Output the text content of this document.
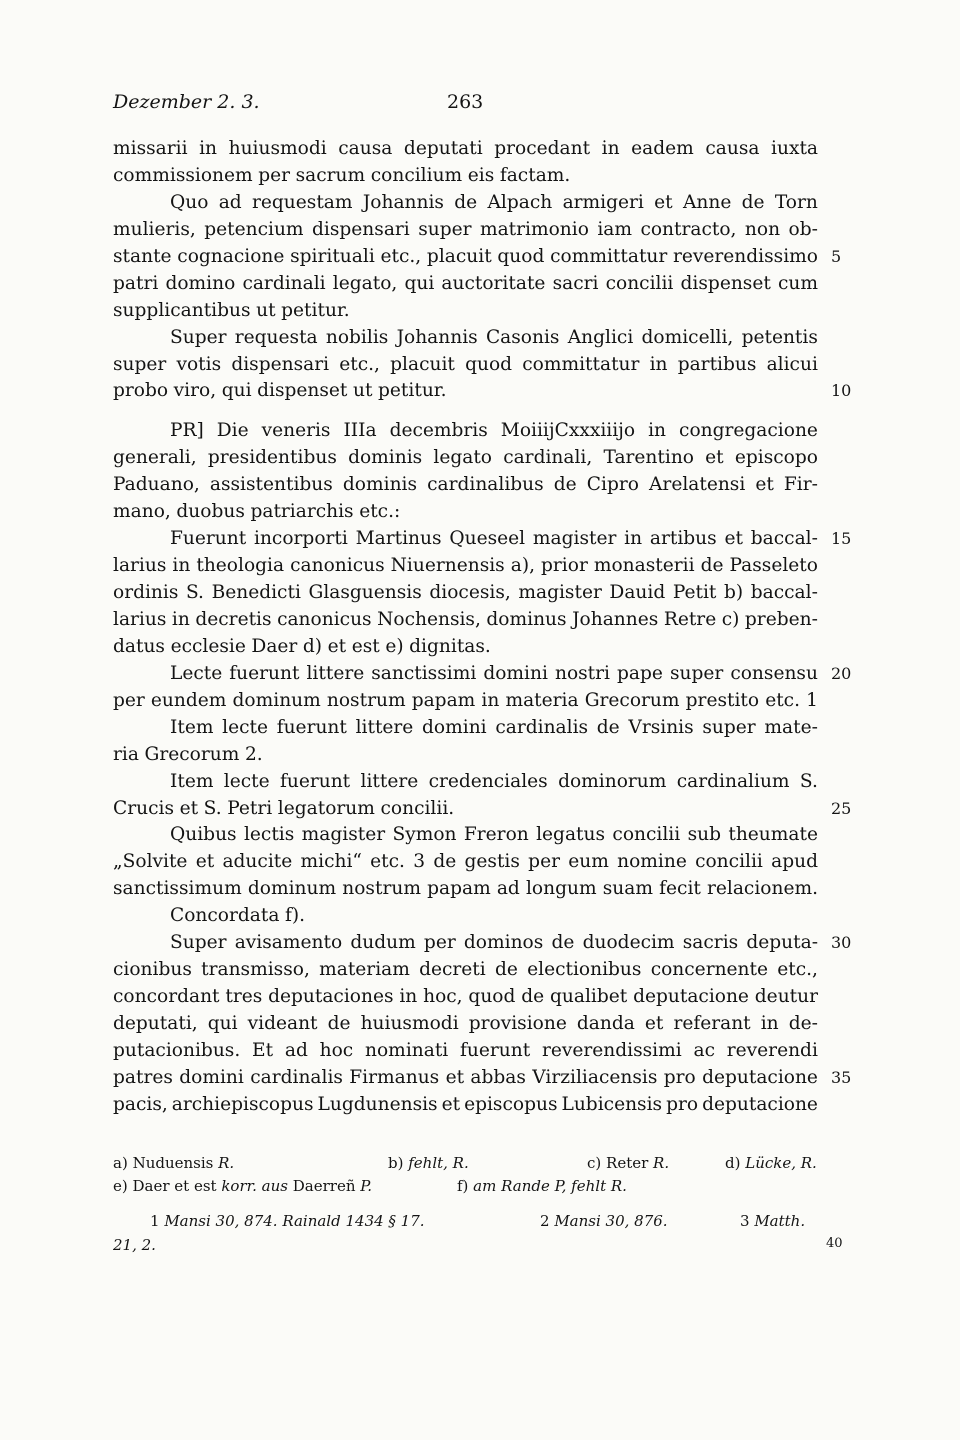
Dezember 2. 3.	263
missarii in huiusmodi causa deputati procedant in eadem causa iuxta
commissionem per sacrum concilium eis factam.
Quo ad requestam Johannis de Alpach armigeri et Anne de Torn
mulieris, petencium dispensari super matrimonio iam contracto, non ob-
stante cognacione spirituali etc., placuit quod committatur reverendissimo 5
patri domino cardinali legato, qui auctoritate sacri concilii dispenset cum
supplicantibus ut petitur.
Super requesta nobilis Johannis Casonis Anglici domicelli, petentis
super votis dispensari etc., placuit quod committatur in partibus alicui
probo viro, qui dispenset ut petitur.	10
PR] Die veneris IIIa decembris MoiiijCxxxiiijo in congregacione
generali, presidentibus dominis legato cardinali, Tarentino et episcopo
Paduano, assistentibus dominis cardinalibus de Cipro Arelatensi et Fir-
mano, duobus patriarchis etc.:
Fuerunt incorporti Martinus Queseel magister in artibus et baccal- 15
larius in theologia canonicus Niuernensis a), prior monasterii de Passeleto
ordinis S. Benedicti Glasguensis diocesis, magister Dauid Petit b) baccal-
larius in decretis canonicus Nochensis, dominus Johannes Retre c) preben-
datus ecclesie Daer d) et est e) dignitas.
Lecte fuerunt littere sanctissimi domini nostri pape super consensu 20
per eundem dominum nostrum papam in materia Grecorum prestito etc. 1
Item lecte fuerunt littere domini cardinalis de Vrsinis super mate-
ria Grecorum 2.
Item lecte fuerunt littere credenciales dominorum cardinalium S.
Crucis et S. Petri legatorum concilii.	25
Quibus lectis magister Symon Freron legatus concilii sub theumate
„Solvite et aducite michi“ etc. 3 de gestis per eum nomine concilii apud
sanctissimum dominum nostrum papam ad longum suam fecit relacionem.
Concordata f).
Super avisamento dudum per dominos de duodecim sacris deputa- 30
cionibus transmisso, materiam decreti de electionibus concernente etc.,
concordant tres deputaciones in hoc, quod de qualibet deputacione deutur
deputati, qui videant de huiusmodi provisione danda et referant in de-
putacionibus. Et ad hoc nominati fuerunt reverendissimi ac reverendi
patres domini cardinalis Firmanus et abbas Virziliacensis pro deputacione 35
pacis, archiepiscopus Lugdunensis et episcopus Lubicensis pro deputacione
a) Nuduensis R.	b) fehlt, R.	c) Reter R.	d) Lücke, R.
e) Daer et est korr. aus Daerreñ P.	f) am Rande P, fehlt R.
1 Mansi 30, 874. Rainald 1434 § 17.	2 Mansi 30, 876.	3 Matth.
21, 2.	40
